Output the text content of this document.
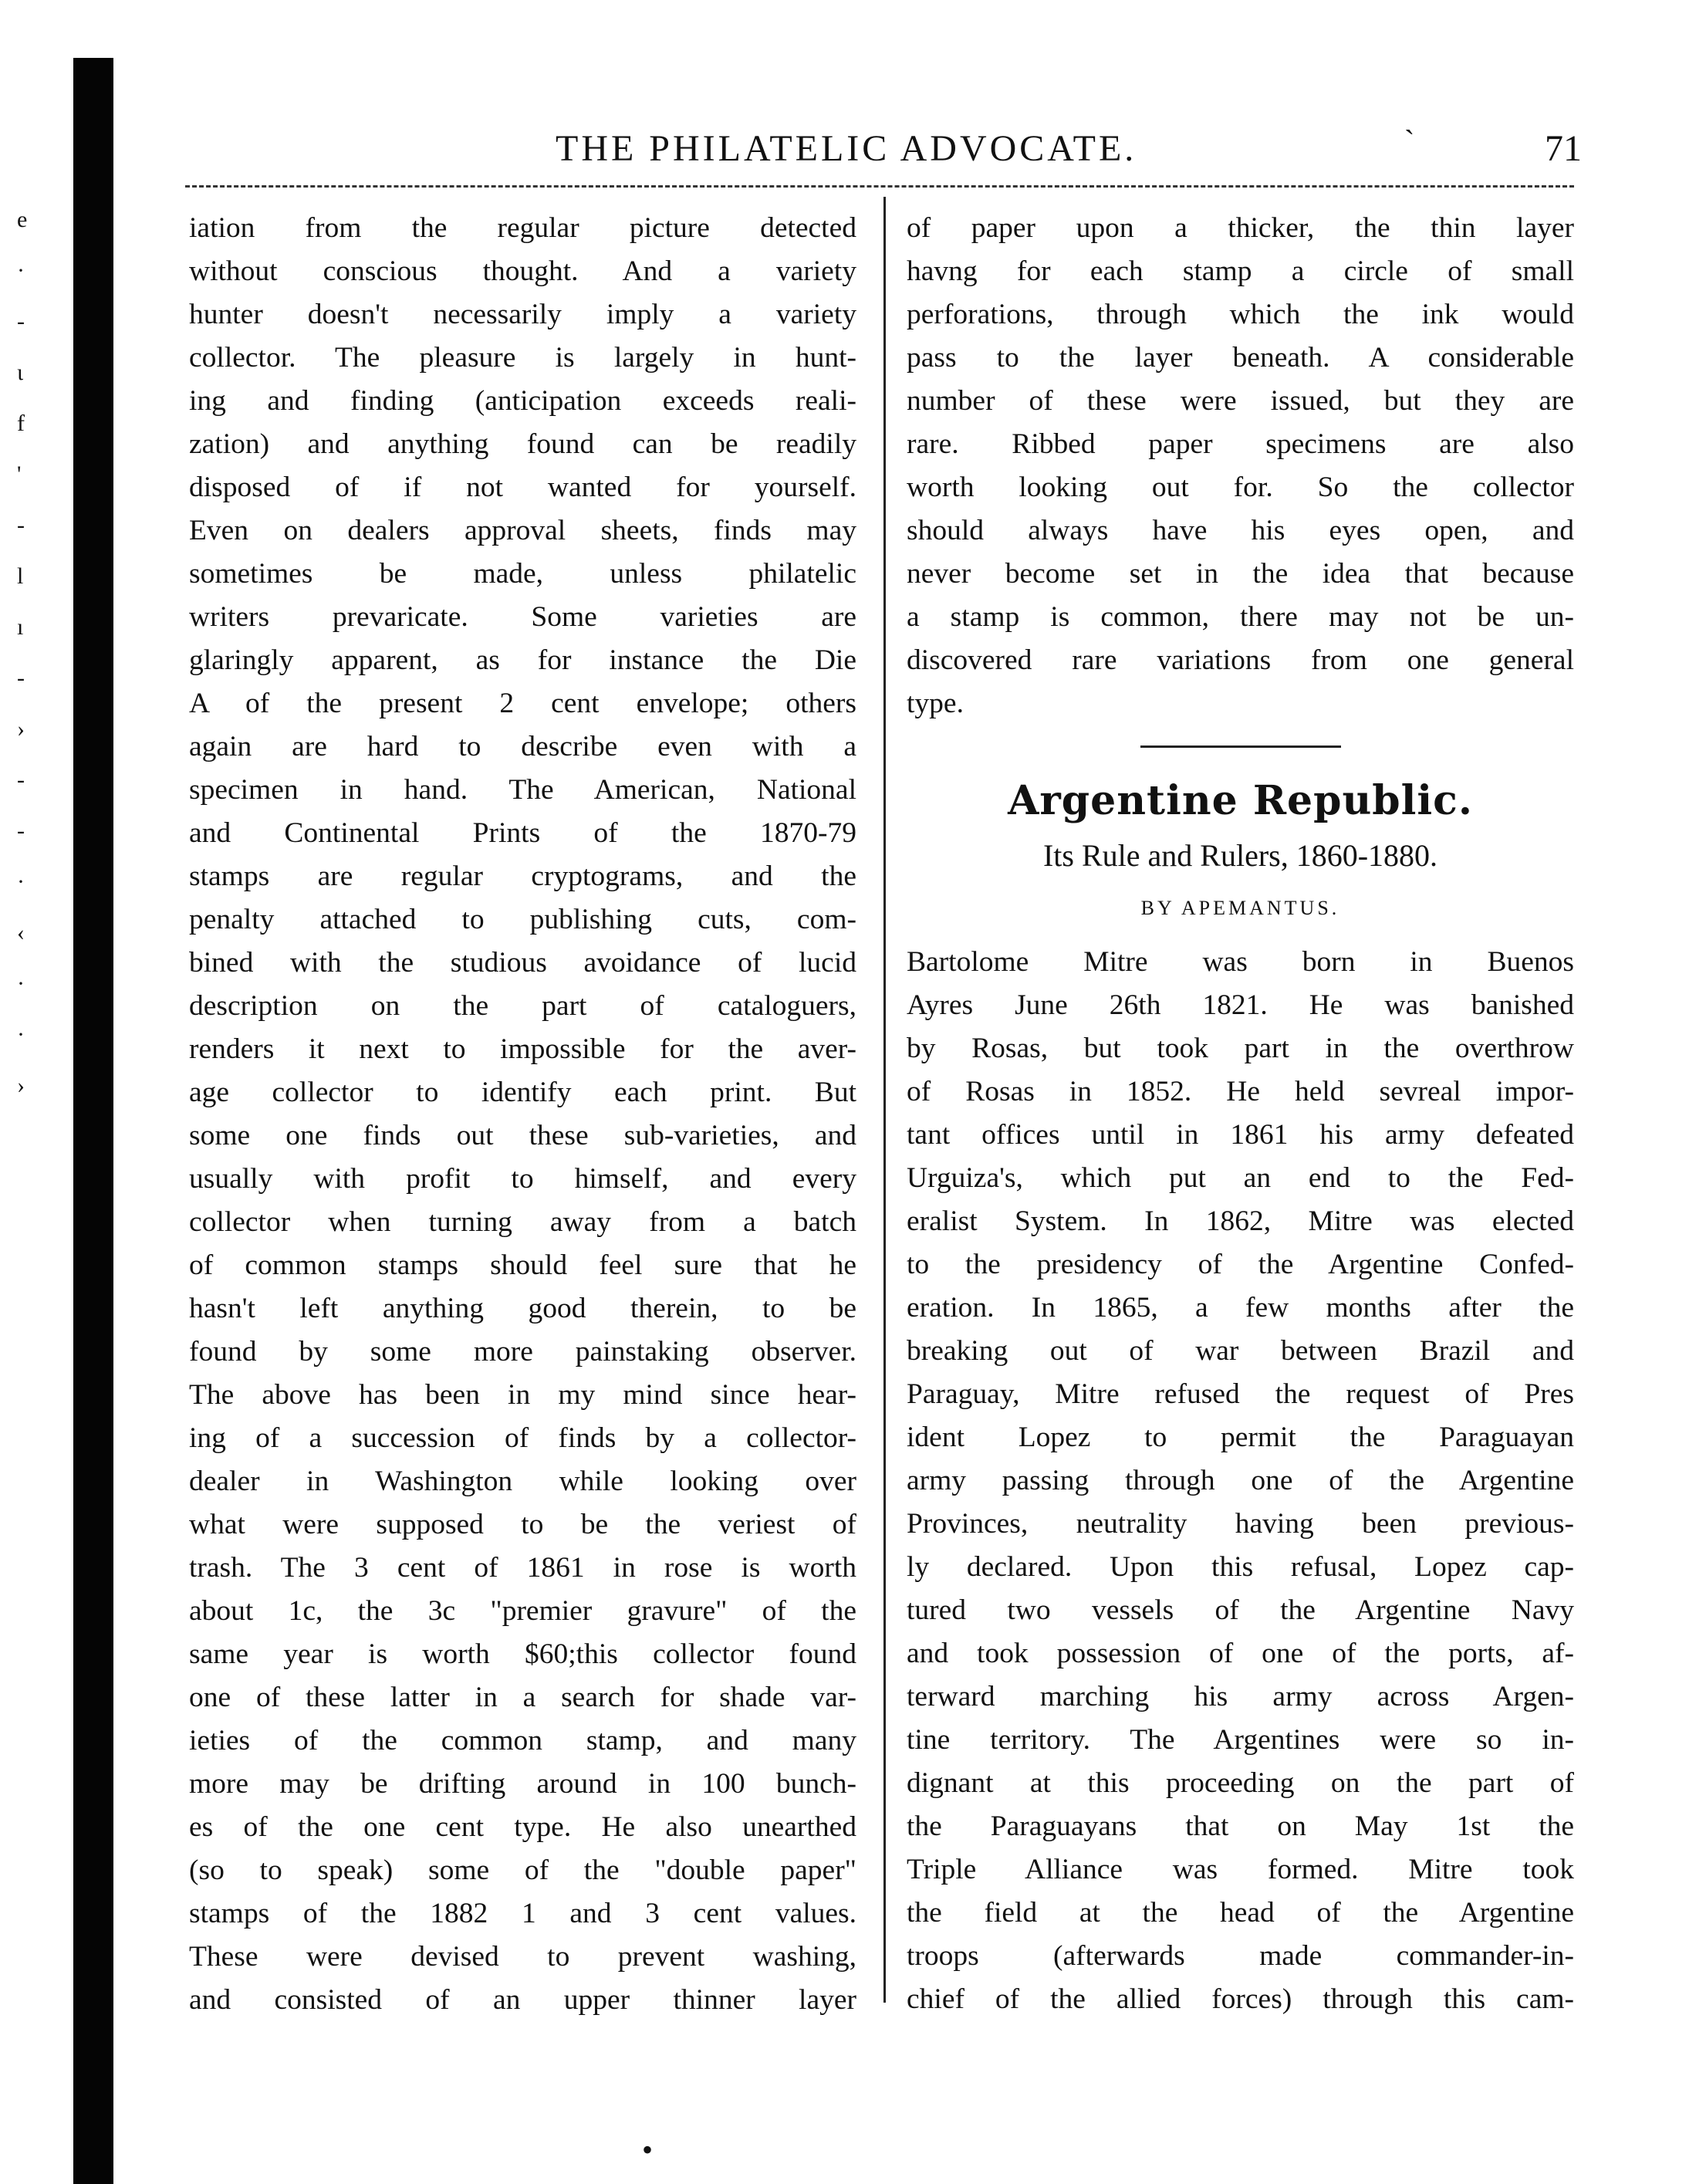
e
·
-
ι
f
'
-
l
ı
-
›
-
-
·
‹
·
·
›
THE PHILATELIC ADVOCATE.	`	71
iation from the regular picture detected
without conscious thought. And a variety
hunter doesn't necessarily imply a variety
collector. The pleasure is largely in hunt-
ing and finding (anticipation exceeds reali-
zation) and anything found can be readily
disposed of if not wanted for yourself.
Even on dealers approval sheets, finds may
sometimes be made, unless philatelic
writers prevaricate. Some varieties are
glaringly apparent, as for instance the Die
A of the present 2 cent envelope; others
again are hard to describe even with a
specimen in hand. The American, National
and Continental Prints of the 1870-79
stamps are regular cryptograms, and the
penalty attached to publishing cuts, com-
bined with the studious avoidance of lucid
description on the part of cataloguers,
renders it next to impossible for the aver-
age collector to identify each print. But
some one finds out these sub-varieties, and
usually with profit to himself, and every
collector when turning away from a batch
of common stamps should feel sure that he
hasn't left anything good therein, to be
found by some more painstaking observer.
The above has been in my mind since hear-
ing of a succession of finds by a collector-
dealer in Washington while looking over
what were supposed to be the veriest of
trash. The 3 cent of 1861 in rose is worth
about 1c, the 3c "premier gravure" of the
same year is worth $60;this collector found
one of these latter in a search for shade var-
ieties of the common stamp, and many
more may be drifting around in 100 bunch-
es of the one cent type. He also unearthed
(so to speak) some of the "double paper"
stamps of the 1882 1 and 3 cent values.
These were devised to prevent washing,
and consisted of an upper thinner layer
of paper upon a thicker, the thin layer
havng for each stamp a circle of small
perforations, through which the ink would
pass to the layer beneath. A considerable
number of these were issued, but they are
rare. Ribbed paper specimens are also
worth looking out for. So the collector
should always have his eyes open, and
never become set in the idea that because
a stamp is common, there may not be un-
discovered rare variations from one general
type.
Argentine Republic.
Its Rule and Rulers, 1860-1880.
BY APEMANTUS.
Bartolome Mitre was born in Buenos
Ayres June 26th 1821. He was banished
by Rosas, but took part in the overthrow
of Rosas in 1852. He held sevreal impor-
tant offices until in 1861 his army defeated
Urguiza's, which put an end to the Fed-
eralist System. In 1862, Mitre was elected
to the presidency of the Argentine Confed-
eration. In 1865, a few months after the
breaking out of war between Brazil and
Paraguay, Mitre refused the request of Pres
ident Lopez to permit the Paraguayan
army passing through one of the Argentine
Provinces, neutrality having been previous-
ly declared. Upon this refusal, Lopez cap-
tured two vessels of the Argentine Navy
and took possession of one of the ports, af-
terward marching his army across Argen-
tine territory. The Argentines were so in-
dignant at this proceeding on the part of
the Paraguayans that on May 1st the
Triple Alliance was formed. Mitre took
the field at the head of the Argentine
troops (afterwards made commander-in-
chief of the allied forces) through this cam-
•
